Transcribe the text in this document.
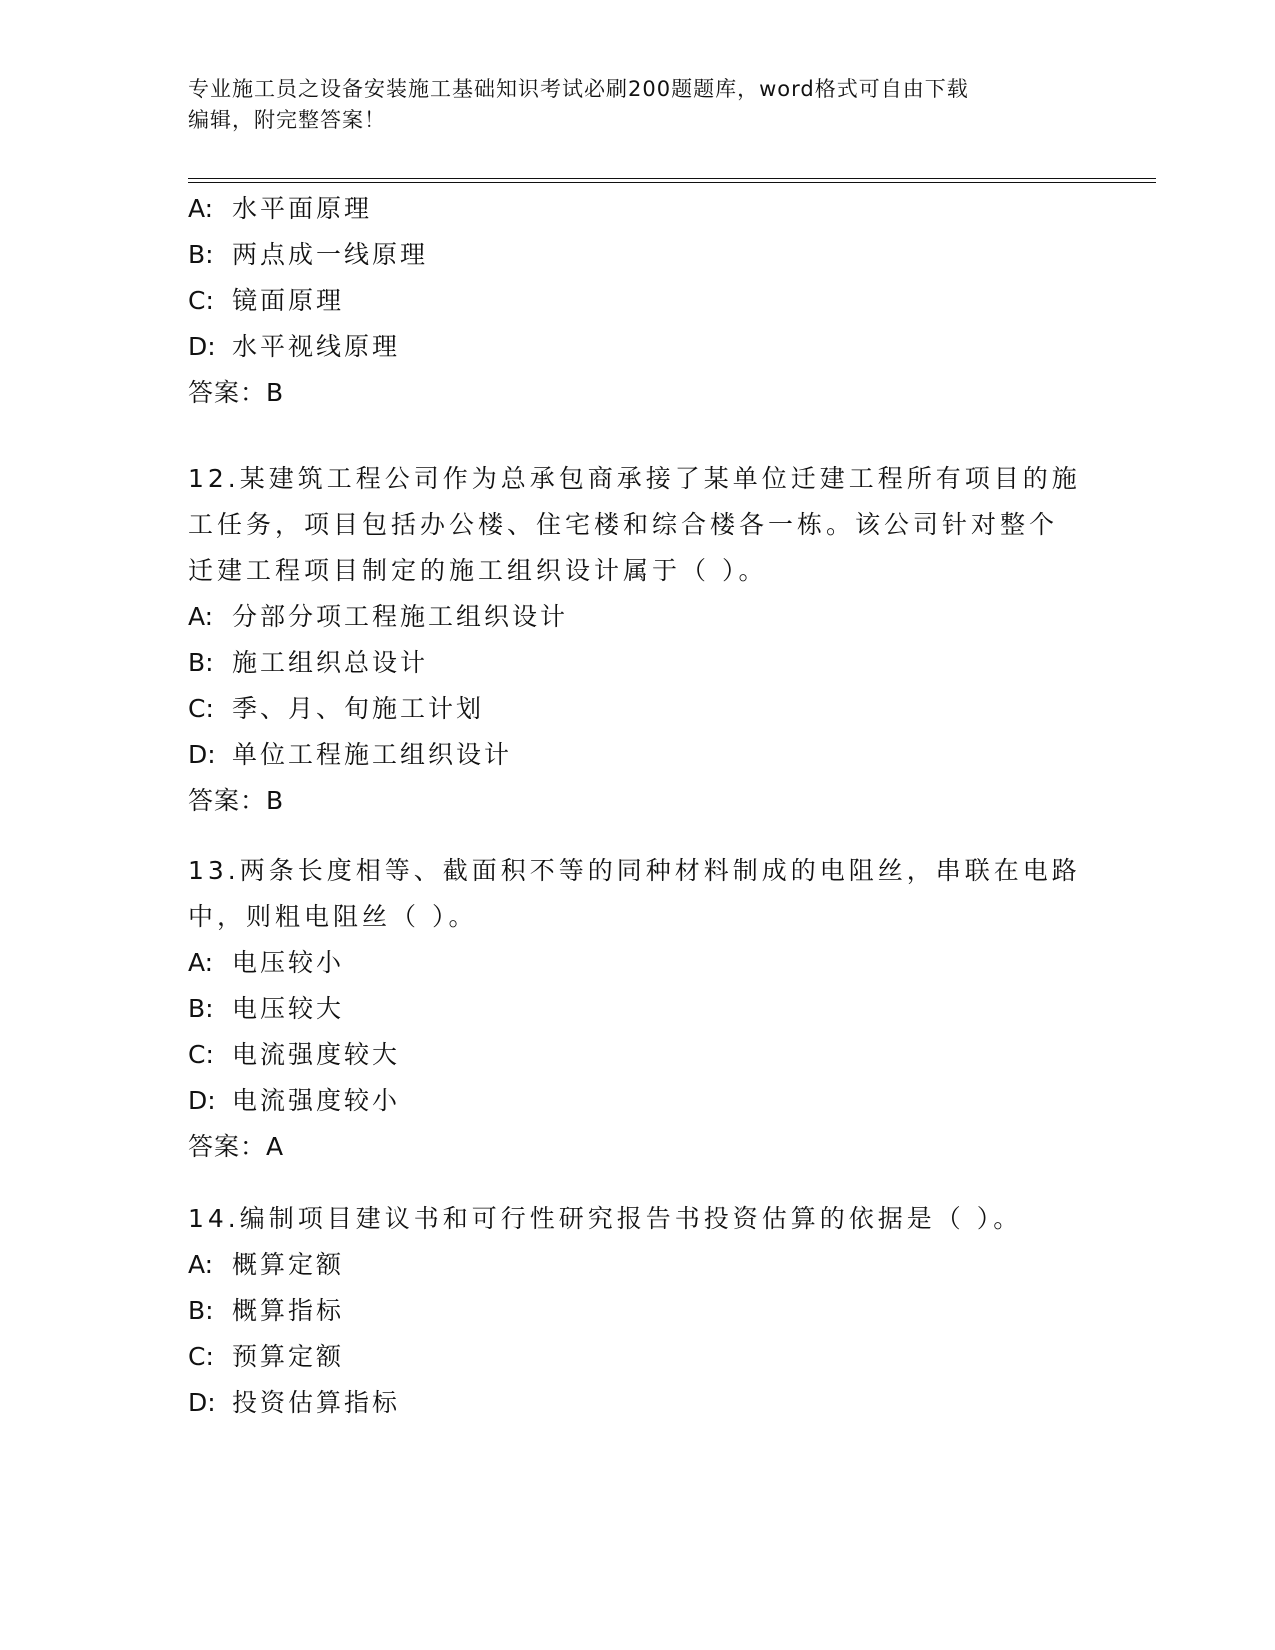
专业施工员之设备安装施工基础知识考试必刷200题题库，word格式可自由下载
编辑，附完整答案！
A: 水平面原理
B: 两点成一线原理
C: 镜面原理
D: 水平视线原理
答案：B
12.某建筑工程公司作为总承包商承接了某单位迁建工程所有项目的施
工任务，项目包括办公楼、住宅楼和综合楼各一栋。该公司针对整个
迁建工程项目制定的施工组织设计属于（ ）。
A: 分部分项工程施工组织设计
B: 施工组织总设计
C: 季、月、旬施工计划
D: 单位工程施工组织设计
答案：B
13.两条长度相等、截面积不等的同种材料制成的电阻丝，串联在电路
中，则粗电阻丝（ ）。
A: 电压较小
B: 电压较大
C: 电流强度较大
D: 电流强度较小
答案：A
14.编制项目建议书和可行性研究报告书投资估算的依据是（ ）。
A: 概算定额
B: 概算指标
C: 预算定额
D: 投资估算指标
